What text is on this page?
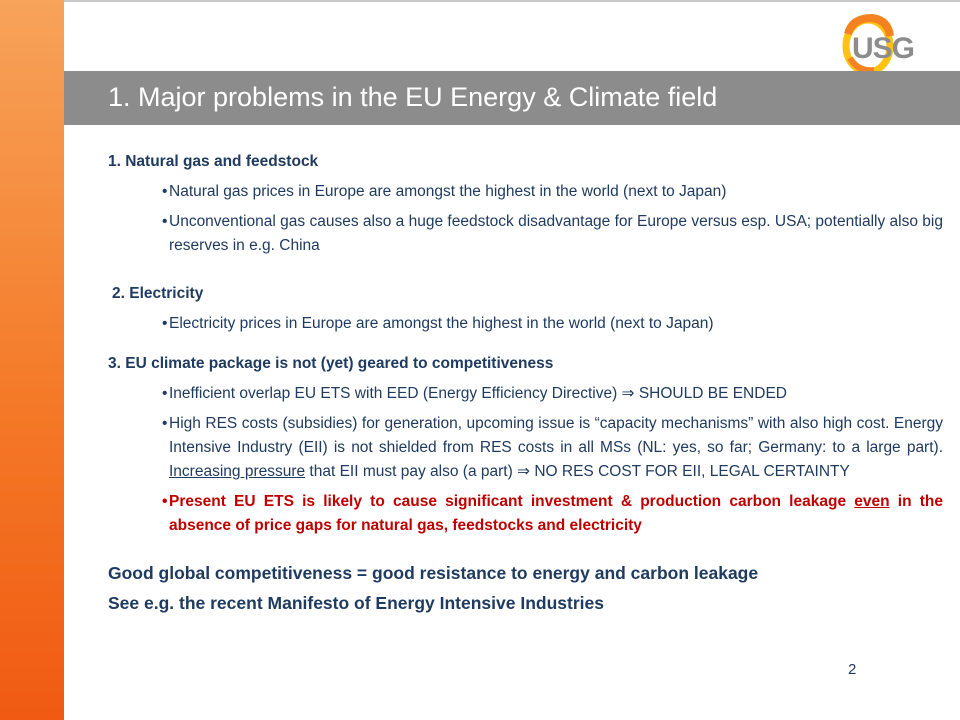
USG
1. Major problems in the EU Energy & Climate field

1. Natural gas and feedstock

• Natural gas prices in Europe are amongst the highest in the world (next to Japan)
• Unconventional gas causes also a huge feedstock disadvantage for Europe versus esp. USA; potentially also big reserves in e.g. China

2. Electricity

• Electricity prices in Europe are amongst the highest in the world (next to Japan)

3. EU climate package is not (yet) geared to competitiveness

• Inefficient overlap EU ETS with EED (Energy Efficiency Directive) ⇒ SHOULD BE ENDED
• High RES costs (subsidies) for generation, upcoming issue is “capacity mechanisms” with also high cost. Energy Intensive Industry (EII) is not shielded from RES costs in all MSs (NL: yes, so far; Germany: to a large part). Increasing pressure that EII must pay also (a part) ⇒ NO RES COST FOR EII, LEGAL CERTAINTY
• Present EU ETS is likely to cause significant investment & production carbon leakage even in the absence of price gaps for natural gas, feedstocks and electricity

Good global competitiveness = good resistance to energy and carbon leakage

See e.g. the recent Manifesto of Energy Intensive Industries

2
